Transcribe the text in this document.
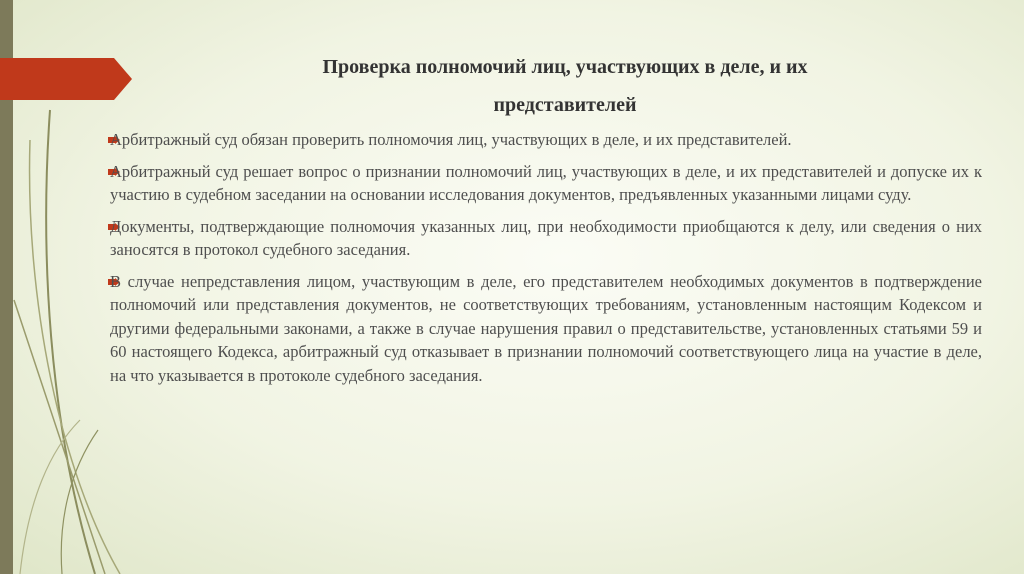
Проверка полномочий лиц, участвующих в деле, и их
представителей

Арбитражный суд обязан проверить полномочия лиц, участвующих в деле, и их представителей.

Арбитражный суд решает вопрос о признании полномочий лиц, участвующих в деле, и их представителей и допуске их к участию в судебном заседании на основании исследования документов, предъявленных указанными лицами суду.

Документы, подтверждающие полномочия указанных лиц, при необходимости приобщаются к делу, или сведения о них заносятся в протокол судебного заседания.

В случае непредставления лицом, участвующим в деле, его представителем необходимых документов в подтверждение полномочий или представления документов, не соответствующих требованиям, установленным настоящим Кодексом и другими федеральными законами, а также в случае нарушения правил о представительстве, установленных статьями 59 и 60 настоящего Кодекса, арбитражный суд отказывает в признании полномочий соответствующего лица на участие в деле, на что указывается в протоколе судебного заседания.
